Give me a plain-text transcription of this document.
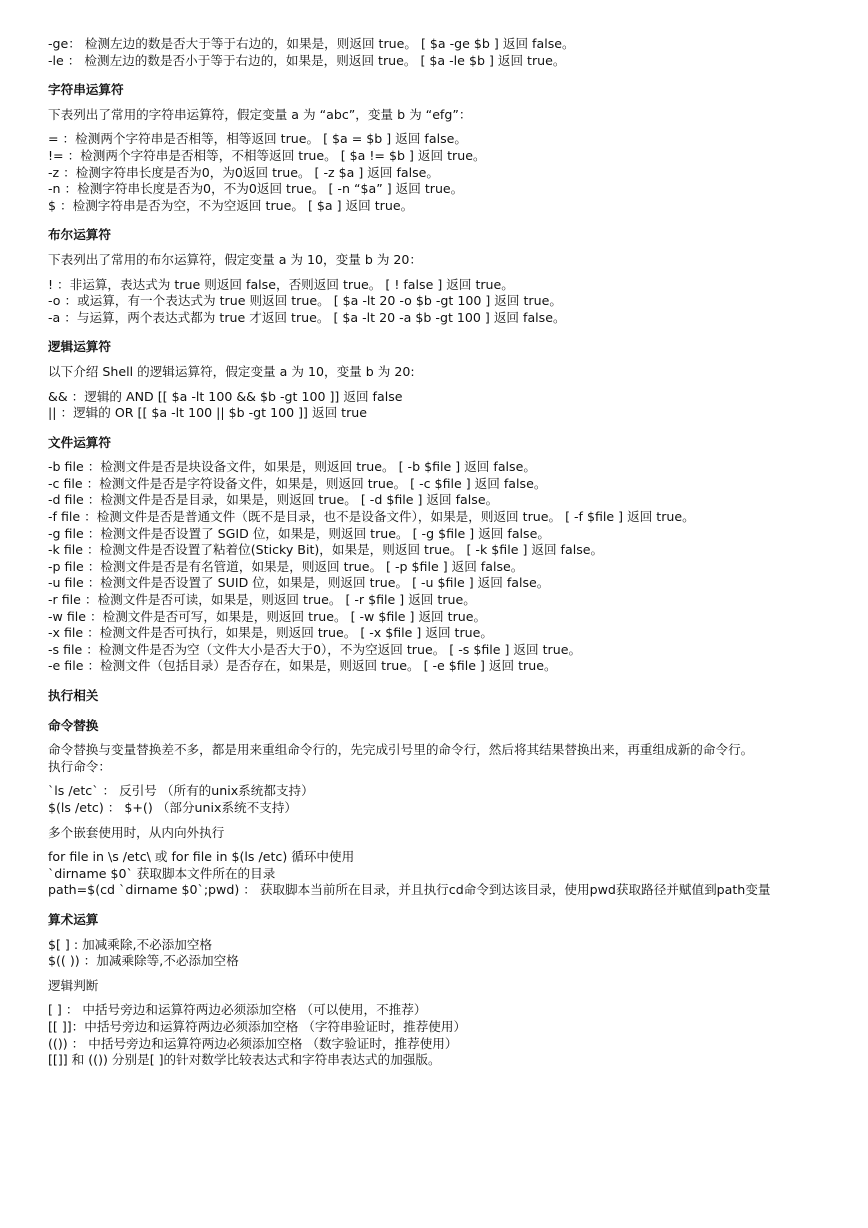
-ge： 检测左边的数是否大于等于右边的，如果是，则返回 true。 [ $a -ge $b ] 返回 false。
-le ： 检测左边的数是否小于等于右边的，如果是，则返回 true。 [ $a -le $b ] 返回 true。
字符串运算符
下表列出了常用的字符串运算符，假定变量 a 为 “abc”，变量 b 为 “efg”：
= ：检测两个字符串是否相等，相等返回 true。 [ $a = $b ] 返回 false。
!= ：检测两个字符串是否相等，不相等返回 true。 [ $a != $b ] 返回 true。
-z ：检测字符串长度是否为0，为0返回 true。 [ -z $a ] 返回 false。
-n ：检测字符串长度是否为0，不为0返回 true。 [ -n “$a” ] 返回 true。
$ ：检测字符串是否为空，不为空返回 true。 [ $a ] 返回 true。
布尔运算符
下表列出了常用的布尔运算符，假定变量 a 为 10，变量 b 为 20：
! ：非运算，表达式为 true 则返回 false，否则返回 true。 [ ! false ] 返回 true。
-o ：或运算，有一个表达式为 true 则返回 true。 [ $a -lt 20 -o $b -gt 100 ] 返回 true。
-a ：与运算，两个表达式都为 true 才返回 true。 [ $a -lt 20 -a $b -gt 100 ] 返回 false。
逻辑运算符
以下介绍 Shell 的逻辑运算符，假定变量 a 为 10，变量 b 为 20:
&& ：逻辑的 AND [[ $a -lt 100 && $b -gt 100 ]] 返回 false
|| ：逻辑的 OR [[ $a -lt 100 || $b -gt 100 ]] 返回 true
文件运算符
-b file ：检测文件是否是块设备文件，如果是，则返回 true。 [ -b $file ] 返回 false。
-c file ：检测文件是否是字符设备文件，如果是，则返回 true。 [ -c $file ] 返回 false。
-d file ：检测文件是否是目录，如果是，则返回 true。 [ -d $file ] 返回 false。
-f file ：检测文件是否是普通文件（既不是目录，也不是设备文件），如果是，则返回 true。 [ -f $file ] 返回 true。
-g file ：检测文件是否设置了 SGID 位，如果是，则返回 true。 [ -g $file ] 返回 false。
-k file ：检测文件是否设置了粘着位(Sticky Bit)，如果是，则返回 true。 [ -k $file ] 返回 false。
-p file ：检测文件是否是有名管道，如果是，则返回 true。 [ -p $file ] 返回 false。
-u file ：检测文件是否设置了 SUID 位，如果是，则返回 true。 [ -u $file ] 返回 false。
-r file ：检测文件是否可读，如果是，则返回 true。 [ -r $file ] 返回 true。
-w file ：检测文件是否可写，如果是，则返回 true。 [ -w $file ] 返回 true。
-x file ：检测文件是否可执行，如果是，则返回 true。 [ -x $file ] 返回 true。
-s file ：检测文件是否为空（文件大小是否大于0），不为空返回 true。 [ -s $file ] 返回 true。
-e file ：检测文件（包括目录）是否存在，如果是，则返回 true。 [ -e $file ] 返回 true。
执行相关
命令替换
命令替换与变量替换差不多，都是用来重组命令行的，先完成引号里的命令行，然后将其结果替换出来，再重组成新的命令行。
执行命令：
`ls /etc` ： 反引号 （所有的unix系统都支持）
$(ls /etc) ： $+() （部分unix系统不支持）
多个嵌套使用时，从内向外执行
for file in \s /etc\ 或 for file in $(ls /etc) 循环中使用
`dirname $0` 获取脚本文件所在的目录
path=$(cd `dirname $0`;pwd) ： 获取脚本当前所在目录，并且执行cd命令到达该目录，使用pwd获取路径并赋值到path变量
算术运算
$[ ] : 加减乘除,不必添加空格
$(( )) ：加减乘除等,不必添加空格
逻辑判断
[ ] ： 中括号旁边和运算符两边必须添加空格 （可以使用，不推荐）
[[ ]]：中括号旁边和运算符两边必须添加空格 （字符串验证时，推荐使用）
(()) ： 中括号旁边和运算符两边必须添加空格 （数字验证时，推荐使用）
[[]] 和 (()) 分别是[ ]的针对数学比较表达式和字符串表达式的加强版。
